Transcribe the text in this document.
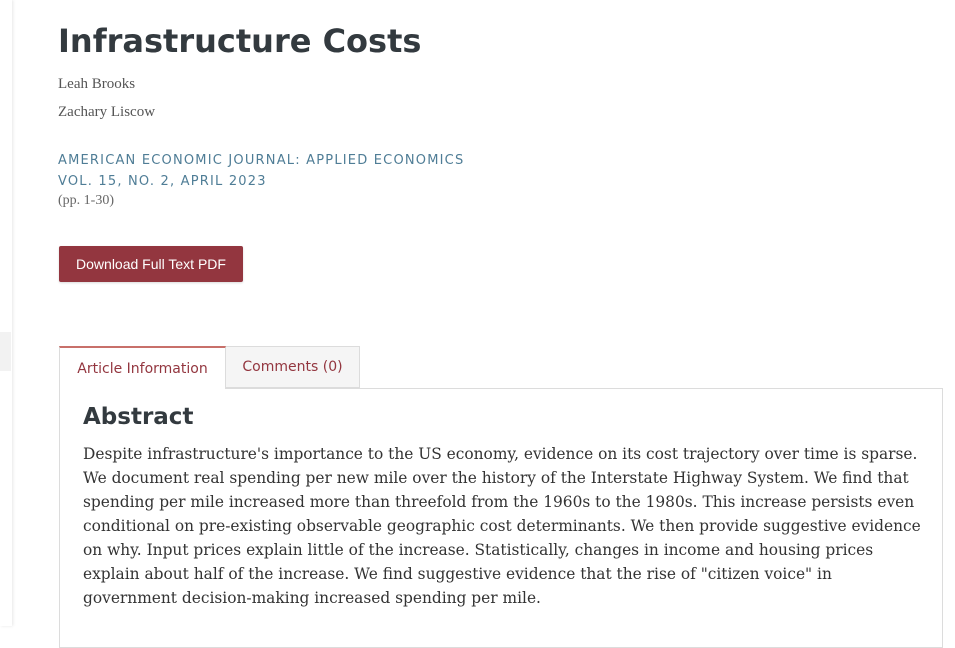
Infrastructure Costs
Leah Brooks
Zachary Liscow
AMERICAN ECONOMIC JOURNAL: APPLIED ECONOMICS
VOL. 15, NO. 2, APRIL 2023
(pp. 1-30)
Download Full Text PDF
Article Information	Comments (0)
Abstract

Despite infrastructure's importance to the US economy, evidence on its cost trajectory over time is sparse. We document real spending per new mile over the history of the Interstate Highway System. We find that spending per mile increased more than threefold from the 1960s to the 1980s. This increase persists even conditional on pre-existing observable geographic cost determinants. We then provide suggestive evidence on why. Input prices explain little of the increase. Statistically, changes in income and housing prices explain about half of the increase. We find suggestive evidence that the rise of "citizen voice" in government decision-making increased spending per mile.
